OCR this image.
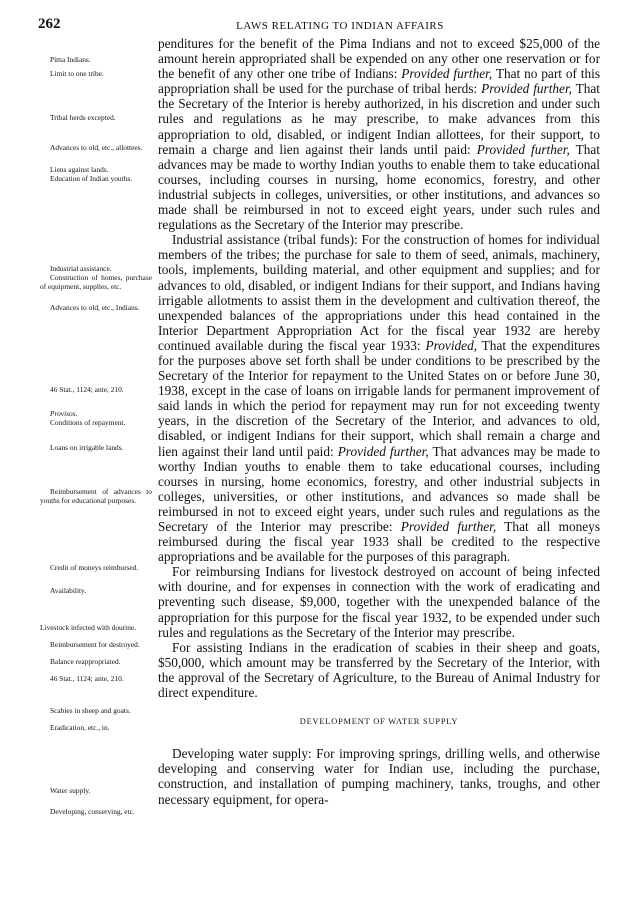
262	LAWS RELATING TO INDIAN AFFAIRS
Pima Indians.
Limit to one tribe.
Tribal herds excepted.
Advances to old, etc., allottees.
Liens against lands.
Education of Indian youths.
Industrial assistance.
Construction of homes, purchase of equipment, supplies, etc.
Advances to old, etc., Indians.
46 Stat., 1124; ante, 210.
Provisos.
Conditions of repayment.
Loans on irrigable lands.
Reimbursement of advances to youths for educational purposes.
Credit of moneys reimbursed.
Availability.
Livestock infected with dourine.
Reimbursement for destroyed.
Balance reappropriated.
46 Stat., 1124; ante, 210.
Scabies in sheep and goats.
Eradication, etc., in.
Water supply.
Developing, conserving, etc.

penditures for the benefit of the Pima Indians and not to exceed $25,000 of the amount herein appropriated shall be expended on any other one reservation or for the benefit of any other one tribe of Indians: Provided further, That no part of this appropriation shall be used for the purchase of tribal herds: Provided further, That the Secretary of the Interior is hereby authorized, in his discretion and under such rules and regulations as he may prescribe, to make advances from this appropriation to old, disabled, or indigent Indian allottees, for their support, to remain a charge and lien against their lands until paid: Provided further, That advances may be made to worthy Indian youths to enable them to take educational courses, including courses in nursing, home economics, forestry, and other industrial subjects in colleges, universities, or other institutions, and advances so made shall be reimbursed in not to exceed eight years, under such rules and regulations as the Secretary of the Interior may prescribe.

Industrial assistance (tribal funds): For the construction of homes for individual members of the tribes; the purchase for sale to them of seed, animals, machinery, tools, implements, building material, and other equipment and supplies; and for advances to old, disabled, or indigent Indians for their support, and Indians having irrigable allotments to assist them in the development and cultivation thereof, the unexpended balances of the appropriations under this head contained in the Interior Department Appropriation Act for the fiscal year 1932 are hereby continued available during the fiscal year 1933: Provided, That the expenditures for the purposes above set forth shall be under conditions to be prescribed by the Secretary of the Interior for repayment to the United States on or before June 30, 1938, except in the case of loans on irrigable lands for permanent improvement of said lands in which the period for repayment may run for not exceeding twenty years, in the discretion of the Secretary of the Interior, and advances to old, disabled, or indigent Indians for their support, which shall remain a charge and lien against their land until paid: Provided further, That advances may be made to worthy Indian youths to enable them to take educational courses, including courses in nursing, home economics, forestry, and other industrial subjects in colleges, universities, or other institutions, and advances so made shall be reimbursed in not to exceed eight years, under such rules and regulations as the Secretary of the Interior may prescribe: Provided further, That all moneys reimbursed during the fiscal year 1933 shall be credited to the respective appropriations and be available for the purposes of this paragraph.

For reimbursing Indians for livestock destroyed on account of being infected with dourine, and for expenses in connection with the work of eradicating and preventing such disease, $9,000, together with the unexpended balance of the appropriation for this purpose for the fiscal year 1932, to be expended under such rules and regulations as the Secretary of the Interior may prescribe.

For assisting Indians in the eradication of scabies in their sheep and goats, $50,000, which amount may be transferred by the Secretary of the Interior, with the approval of the Secretary of Agriculture, to the Bureau of Animal Industry for direct expenditure.

DEVELOPMENT OF WATER SUPPLY

Developing water supply: For improving springs, drilling wells, and otherwise developing and conserving water for Indian use, including the purchase, construction, and installation of pumping machinery, tanks, troughs, and other necessary equipment, for opera-
